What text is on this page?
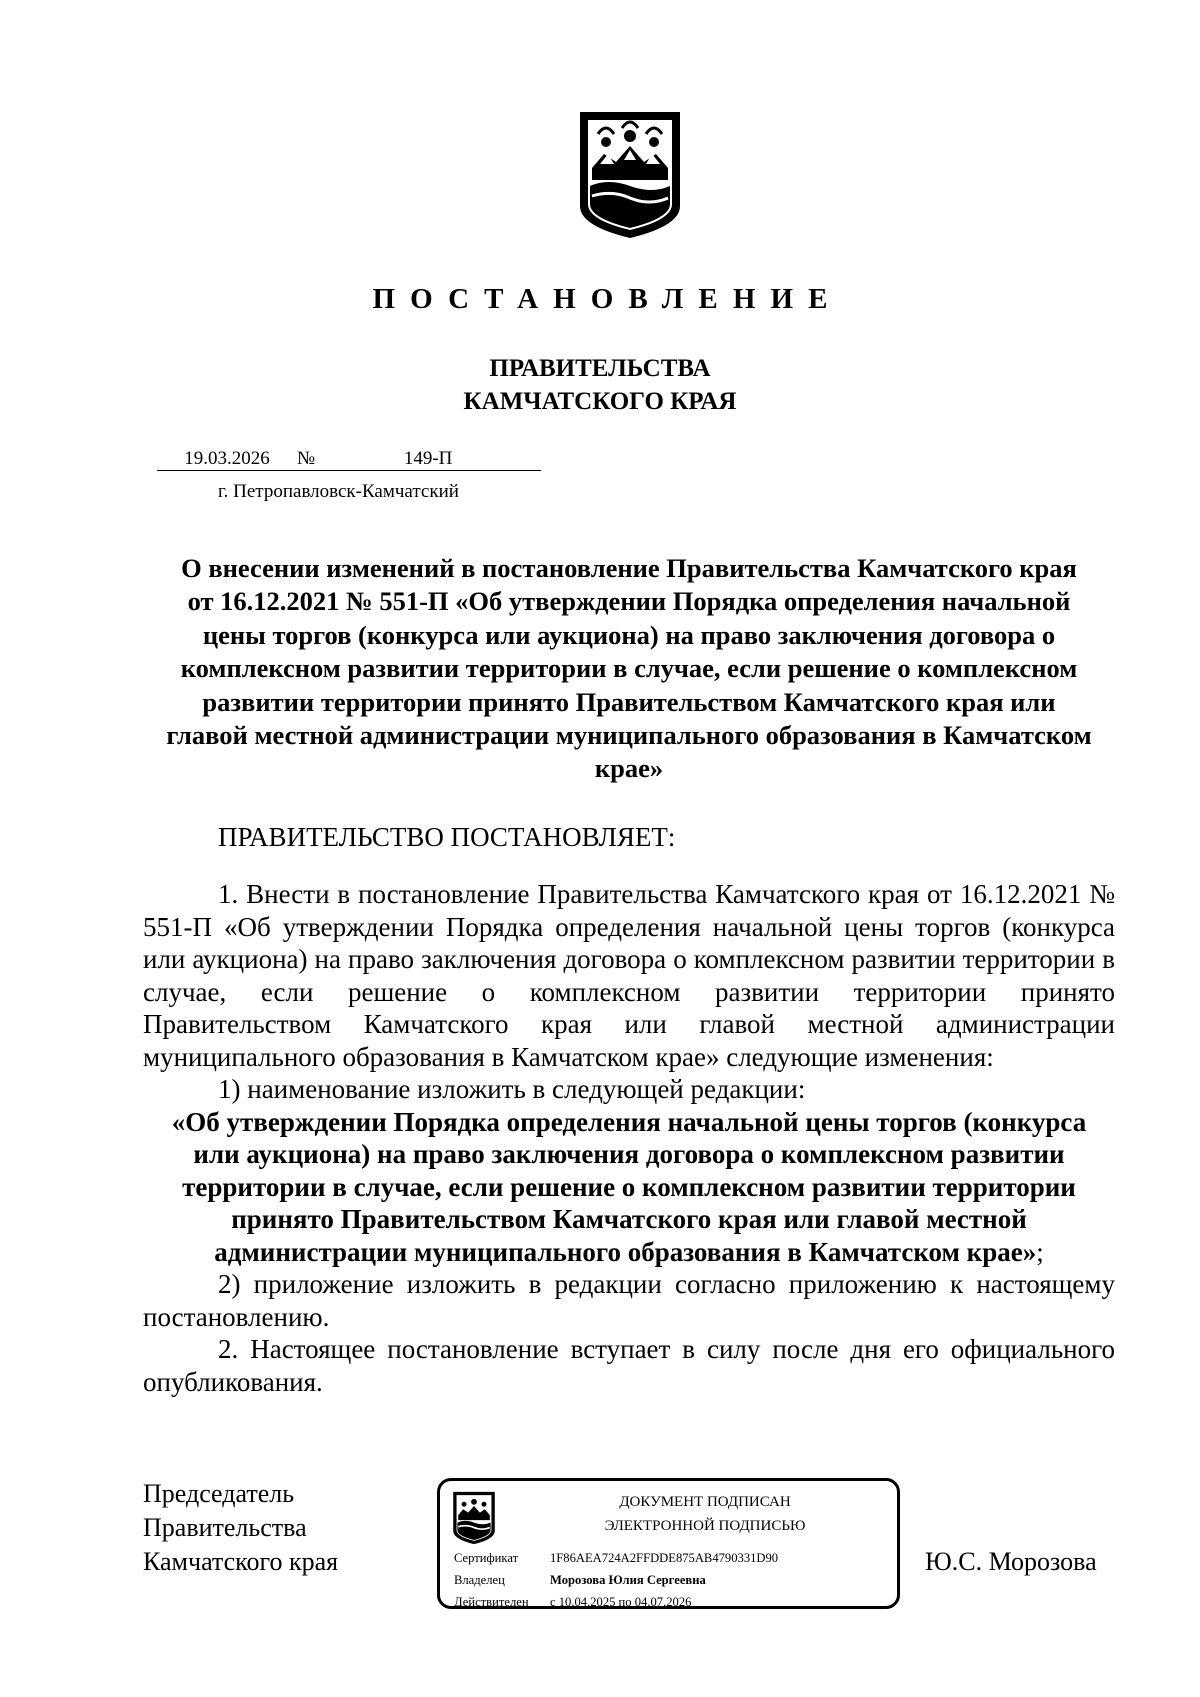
ПОСТАНОВЛЕНИЕ
ПРАВИТЕЛЬСТВА
КАМЧАТСКОГО КРАЯ
19.03.2026 №	149-П
г. Петропавловск-Камчатский
О внесении изменений в постановление Правительства Камчатского края
от 16.12.2021 № 551-П «Об утверждении Порядка определения начальной
цены торгов (конкурса или аукциона) на право заключения договора о
комплексном развитии территории в случае, если решение о комплексном
развитии территории принято Правительством Камчатского края или
главой местной администрации муниципального образования в Камчатском
крае»
ПРАВИТЕЛЬСТВО ПОСТАНОВЛЯЕТ:

1. Внести в постановление Правительства Камчатского края от 16.12.2021 № 551-П «Об утверждении Порядка определения начальной цены торгов (конкурса или аукциона) на право заключения договора о комплексном развитии территории в случае, если решение о комплексном развитии территории принято Правительством Камчатского края или главой местной администрации муниципального образования в Камчатском крае» следующие изменения:

1) наименование изложить в следующей редакции:

«Об утверждении Порядка определения начальной цены торгов (конкурса
или аукциона) на право заключения договора о комплексном развитии
территории в случае, если решение о комплексном развитии территории
принято Правительством Камчатского края или главой местной
администрации муниципального образования в Камчатском крае»;

2) приложение изложить в редакции согласно приложению к настоящему постановлению.

2. Настоящее постановление вступает в силу после дня его официального опубликования.

Председатель
Правительства
Камчатского края
ДОКУМЕНТ ПОДПИСАН
ЭЛЕКТРОННОЙ ПОДПИСЬЮ
Сертификат	1F86AEA724A2FFDDE875AB4790331D90
Владелец	Морозова Юлия Сергеевна
Действителен с 10.04.2025 по 04.07.2026
Ю.С. Морозова
